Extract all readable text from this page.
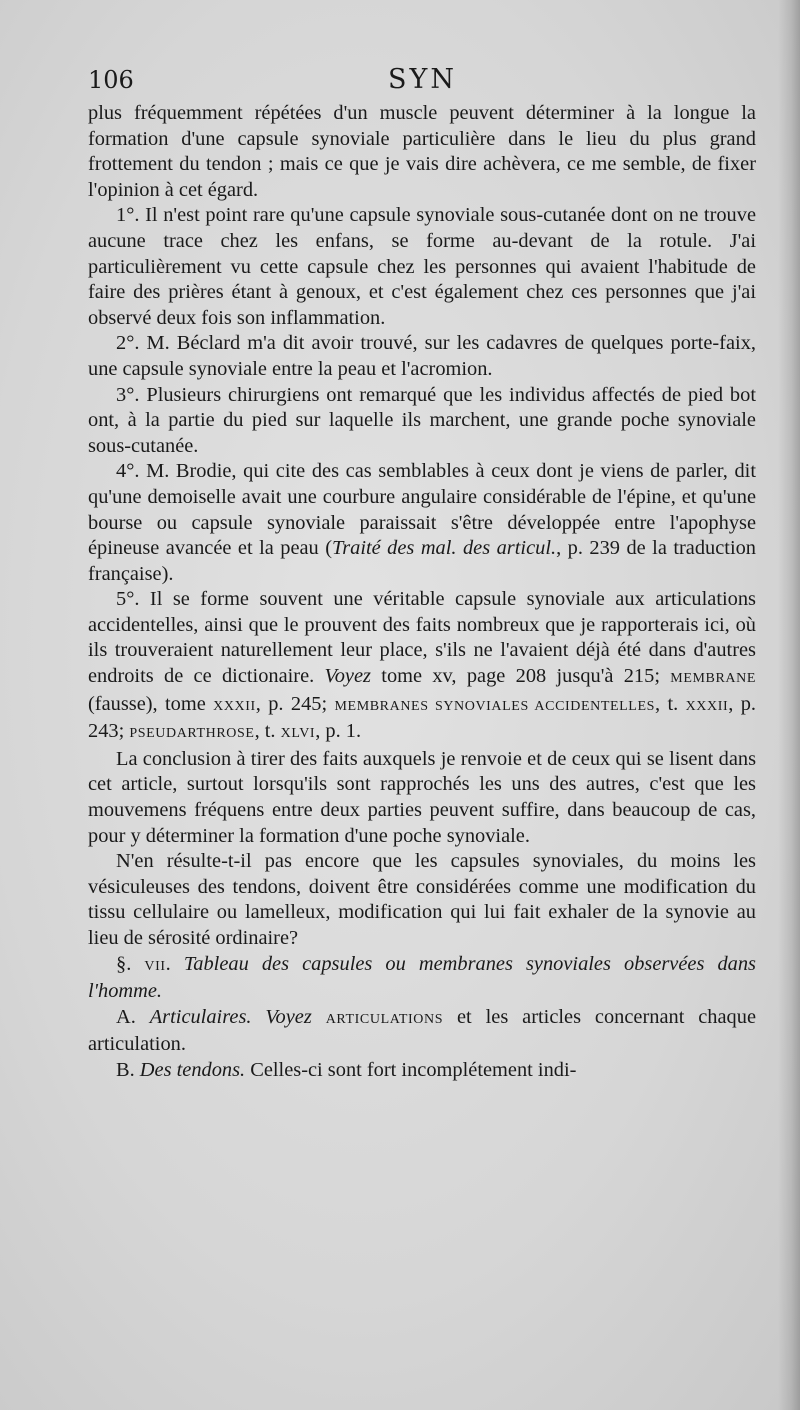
106	SYN

plus fréquemment répétées d'un muscle peuvent déterminer à la longue la formation d'une capsule synoviale particulière dans le lieu du plus grand frottement du tendon ; mais ce que je vais dire achèvera, ce me semble, de fixer l'opinion à cet égard.

1°. Il n'est point rare qu'une capsule synoviale sous-cutanée dont on ne trouve aucune trace chez les enfans, se forme au-devant de la rotule. J'ai particulièrement vu cette capsule chez les personnes qui avaient l'habitude de faire des prières étant à genoux, et c'est également chez ces personnes que j'ai observé deux fois son inflammation.

2°. M. Béclard m'a dit avoir trouvé, sur les cadavres de quelques porte-faix, une capsule synoviale entre la peau et l'acromion.

3°. Plusieurs chirurgiens ont remarqué que les individus affectés de pied bot ont, à la partie du pied sur laquelle ils marchent, une grande poche synoviale sous-cutanée.

4°. M. Brodie, qui cite des cas semblables à ceux dont je viens de parler, dit qu'une demoiselle avait une courbure angulaire considérable de l'épine, et qu'une bourse ou capsule synoviale paraissait s'être développée entre l'apophyse épineuse avancée et la peau (Traité des mal. des articul., p. 239 de la traduction française).

5°. Il se forme souvent une véritable capsule synoviale aux articulations accidentelles, ainsi que le prouvent des faits nombreux que je rapporterais ici, où ils trouveraient naturellement leur place, s'ils ne l'avaient déjà été dans d'autres endroits de ce dictionaire. Voyez tome xv, page 208 jusqu'à 215; MEMBRANE (fausse), tome XXXII, p. 245; MEMBRANES SYNOVIALES ACCIDENTELLES, t. XXXII, p. 243; PSEUDARTHROSE, t. XLVI, p. 1.

La conclusion à tirer des faits auxquels je renvoie et de ceux qui se lisent dans cet article, surtout lorsqu'ils sont rapprochés les uns des autres, c'est que les mouvemens fréquens entre deux parties peuvent suffire, dans beaucoup de cas, pour y déterminer la formation d'une poche synoviale.

N'en résulte-t-il pas encore que les capsules synoviales, du moins les vésiculeuses des tendons, doivent être considérées comme une modification du tissu cellulaire ou lamelleux, modification qui lui fait exhaler de la synovie au lieu de sérosité ordinaire?

§. VII. Tableau des capsules ou membranes synoviales observées dans l'homme.

A. Articulaires. Voyez ARTICULATIONS et les articles concernant chaque articulation.

B. Des tendons. Celles-ci sont fort incomplétement indi-
